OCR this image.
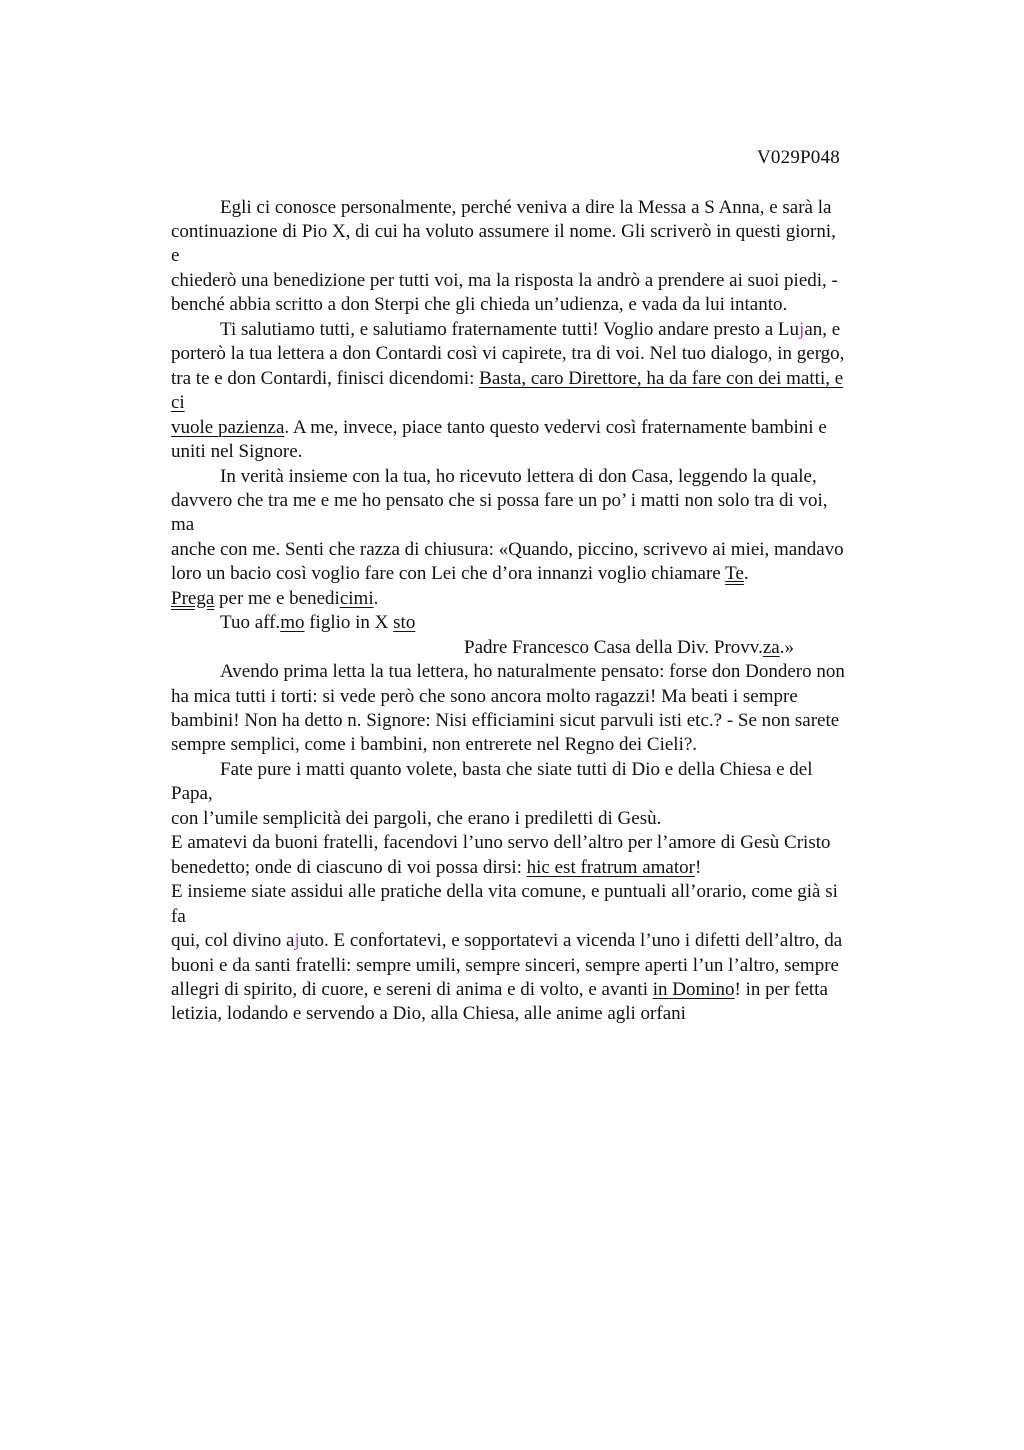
V029P048
Egli ci conosce personalmente, perché veniva a dire la Messa a S Anna, e sarà la
continuazione di Pio X, di cui ha voluto assumere il nome. Gli scriverò in questi giorni,
e
chiederò una benedizione per tutti voi, ma la risposta la andrò a prendere ai suoi piedi, -
benché abbia scritto a don Sterpi che gli chieda un’udienza, e vada da lui intanto.
Ti salutiamo tutti, e salutiamo fraternamente tutti! Voglio andare presto a Lujan, e
porterò la tua lettera a don Contardi così vi capirete, tra di voi. Nel tuo dialogo, in gergo,
tra te e don Contardi, finisci dicendomi: Basta, caro Direttore, ha da fare con dei matti, e
ci
vuole pazienza. A me, invece, piace tanto questo vedervi così fraternamente bambini e
uniti nel Signore.
In verità insieme con la tua, ho ricevuto lettera di don Casa, leggendo la quale,
davvero che tra me e me ho pensato che si possa fare un po’ i matti non solo tra di voi,
ma
anche con me. Senti che razza di chiusura: «Quando, piccino, scrivevo ai miei, mandavo
loro un bacio così voglio fare con Lei che d’ora innanzi voglio chiamare Te.
Prega per me e benedicimi.
Tuo aff.mo figlio in X sto
Padre Francesco Casa della Div. Provv.za.»
Avendo prima letta la tua lettera, ho naturalmente pensato: forse don Dondero non
ha mica tutti i torti: si vede però che sono ancora molto ragazzi! Ma beati i sempre
bambini! Non ha detto n. Signore: Nisi efficiamini sicut parvuli isti etc.? - Se non sarete
sempre semplici, come i bambini, non entrerete nel Regno dei Cieli?.
Fate pure i matti quanto volete, basta che siate tutti di Dio e della Chiesa e del
Papa,
con l’umile semplicità dei pargoli, che erano i prediletti di Gesù.
E amatevi da buoni fratelli, facendovi l’uno servo dell’altro per l’amore di Gesù Cristo
benedetto; onde di ciascuno di voi possa dirsi: hic est fratrum amator!
E insieme siate assidui alle pratiche della vita comune, e puntuali all’orario, come già si
fa
qui, col divino ajuto. E confortatevi, e sopportatevi a vicenda l’uno i difetti dell’altro, da
buoni e da santi fratelli: sempre umili, sempre sinceri, sempre aperti l’un l’altro, sempre
allegri di spirito, di cuore, e sereni di anima e di volto, e avanti in Domino! in per fetta
letizia, lodando e servendo a Dio, alla Chiesa, alle anime agli orfani
